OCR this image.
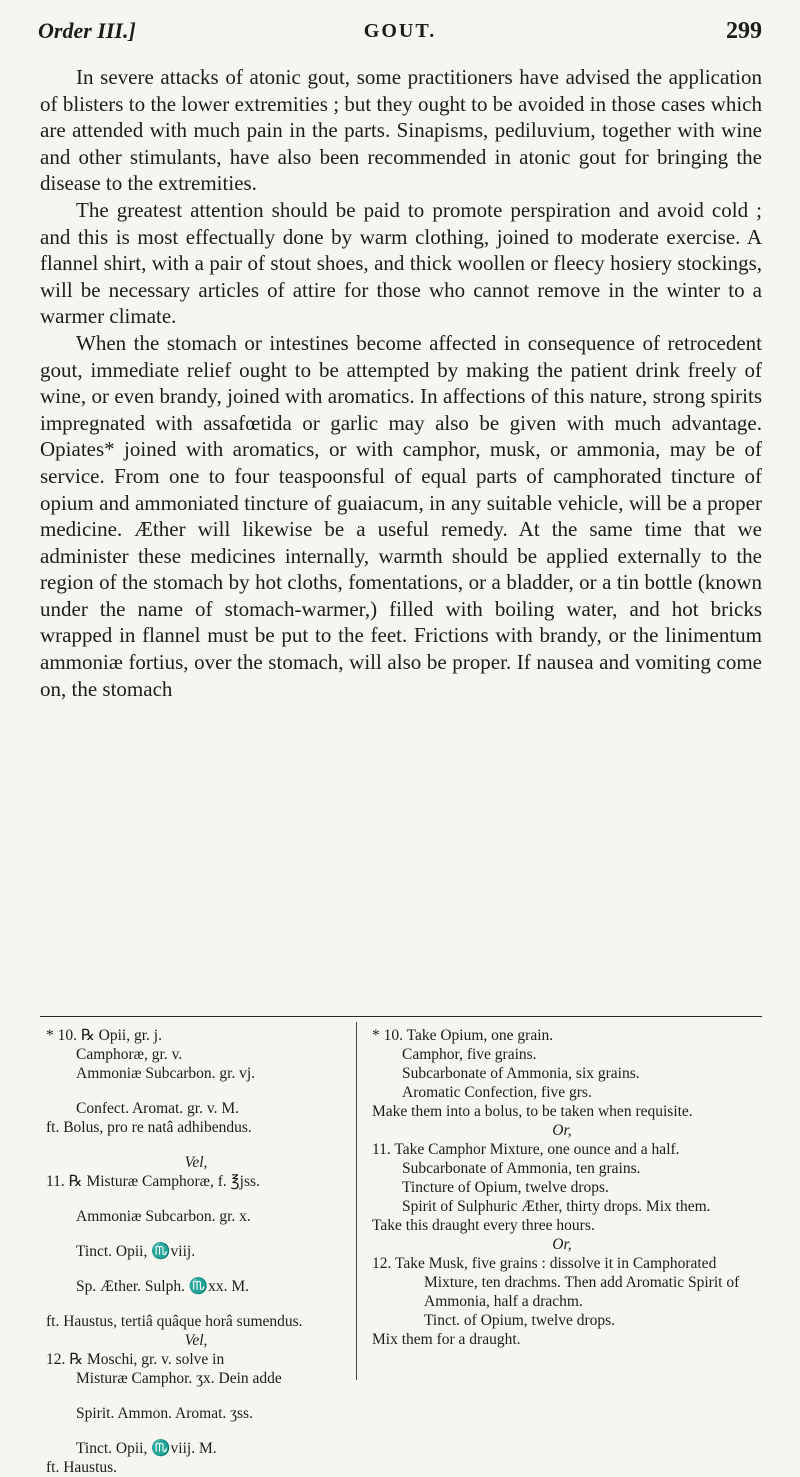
Order III.]	GOUT.	299

In severe attacks of atonic gout, some practitioners have advised the application of blisters to the lower extremities ; but they ought to be avoided in those cases which are attended with much pain in the parts. Sinapisms, pediluvium, together with wine and other stimulants, have also been recommended in atonic gout for bringing the disease to the extremities.

The greatest attention should be paid to promote perspiration and avoid cold ; and this is most effectually done by warm clothing, joined to moderate exercise. A flannel shirt, with a pair of stout shoes, and thick woollen or fleecy hosiery stockings, will be necessary articles of attire for those who cannot remove in the winter to a warmer climate.

When the stomach or intestines become affected in consequence of retrocedent gout, immediate relief ought to be attempted by making the patient drink freely of wine, or even brandy, joined with aromatics. In affections of this nature, strong spirits impregnated with assafœtida or garlic may also be given with much advantage. Opiates* joined with aromatics, or with camphor, musk, or ammonia, may be of service. From one to four teaspoonsful of equal parts of camphorated tincture of opium and ammoniated tincture of guaiacum, in any suitable vehicle, will be a proper medicine. Æther will likewise be a useful remedy. At the same time that we administer these medicines internally, warmth should be applied externally to the region of the stomach by hot cloths, fomentations, or a bladder, or a tin bottle (known under the name of stomach-warmer,) filled with boiling water, and hot bricks wrapped in flannel must be put to the feet. Frictions with brandy, or the linimentum ammoniæ fortius, over the stomach, will also be proper. If nausea and vomiting come on, the stomach

* 10. ℞ Opii, gr. j.
Camphoræ, gr. v.
Ammoniæ Subcarbon. gr. vj.
Confect. Aromat. gr. v. M.
ft. Bolus, pro re natâ adhibendus.
Vel,
11. ℞ Misturæ Camphoræ, f. ℥jss.
Ammoniæ Subcarbon. gr. x.
Tinct. Opii, ♏viij.
Sp. Æther. Sulph. ♏xx. M.
ft. Haustus, tertiâ quâque horâ sumendus.
Vel,
12. ℞ Moschi, gr. v. solve in
Misturæ Camphor. ʒx. Dein adde
Spirit. Ammon. Aromat. ʒss.
Tinct. Opii, ♏viij. M.
ft. Haustus.
* 10. Take Opium, one grain.
Camphor, five grains.
Subcarbonate of Ammonia, six grains.
Aromatic Confection, five grs.
Make them into a bolus, to be taken when requisite.
Or,
11. Take Camphor Mixture, one ounce and a half.
Subcarbonate of Ammonia, ten grains.
Tincture of Opium, twelve drops.
Spirit of Sulphuric Æther, thirty drops. Mix them.
Take this draught every three hours.
Or,
12. Take Musk, five grains : dissolve it in Camphorated Mixture, ten drachms. Then add Aromatic Spirit of Ammonia, half a drachm.
Tinct. of Opium, twelve drops.
Mix them for a draught.
